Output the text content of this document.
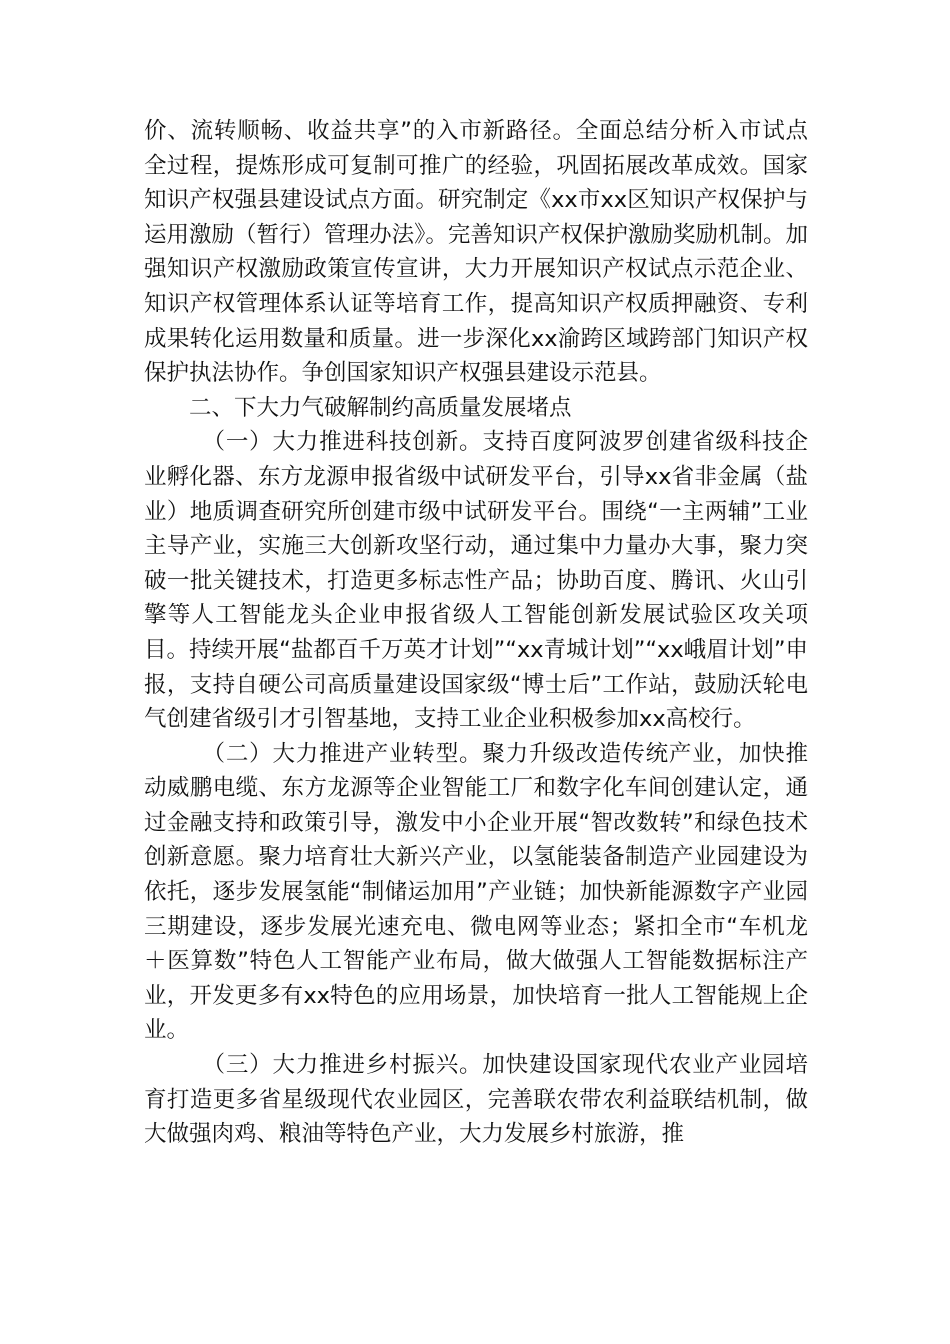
价、流转顺畅、收益共享”的入市新路径。全面总结分析入市试点全过程，提炼形成可复制可推广的经验，巩固拓展改革成效。国家知识产权强县建设试点方面。研究制定《xx市xx区知识产权保护与运用激励（暂行）管理办法》。完善知识产权保护激励奖励机制。加强知识产权激励政策宣传宣讲，大力开展知识产权试点示范企业、知识产权管理体系认证等培育工作，提高知识产权质押融资、专利成果转化运用数量和质量。进一步深化xx渝跨区域跨部门知识产权保护执法协作。争创国家知识产权强县建设示范县。

二、下大力气破解制约高质量发展堵点

（一）大力推进科技创新。支持百度阿波罗创建省级科技企业孵化器、东方龙源申报省级中试研发平台，引导xx省非金属（盐业）地质调查研究所创建市级中试研发平台。围绕“一主两辅”工业主导产业，实施三大创新攻坚行动，通过集中力量办大事，聚力突破一批关键技术，打造更多标志性产品；协助百度、腾讯、火山引擎等人工智能龙头企业申报省级人工智能创新发展试验区攻关项目。持续开展“盐都百千万英才计划”“xx青城计划”“xx峨眉计划”申报，支持自硬公司高质量建设国家级“博士后”工作站，鼓励沃轮电气创建省级引才引智基地，支持工业企业积极参加xx高校行。

（二）大力推进产业转型。聚力升级改造传统产业，加快推动威鹏电缆、东方龙源等企业智能工厂和数字化车间创建认定，通过金融支持和政策引导，激发中小企业开展“智改数转”和绿色技术创新意愿。聚力培育壮大新兴产业，以氢能装备制造产业园建设为依托，逐步发展氢能“制储运加用”产业链；加快新能源数字产业园三期建设，逐步发展光速充电、微电网等业态；紧扣全市“车机龙＋医算数”特色人工智能产业布局，做大做强人工智能数据标注产业，开发更多有xx特色的应用场景，加快培育一批人工智能规上企业。

（三）大力推进乡村振兴。加快建设国家现代农业产业园培育打造更多省星级现代农业园区，完善联农带农利益联结机制，做大做强肉鸡、粮油等特色产业，大力发展乡村旅游，推
